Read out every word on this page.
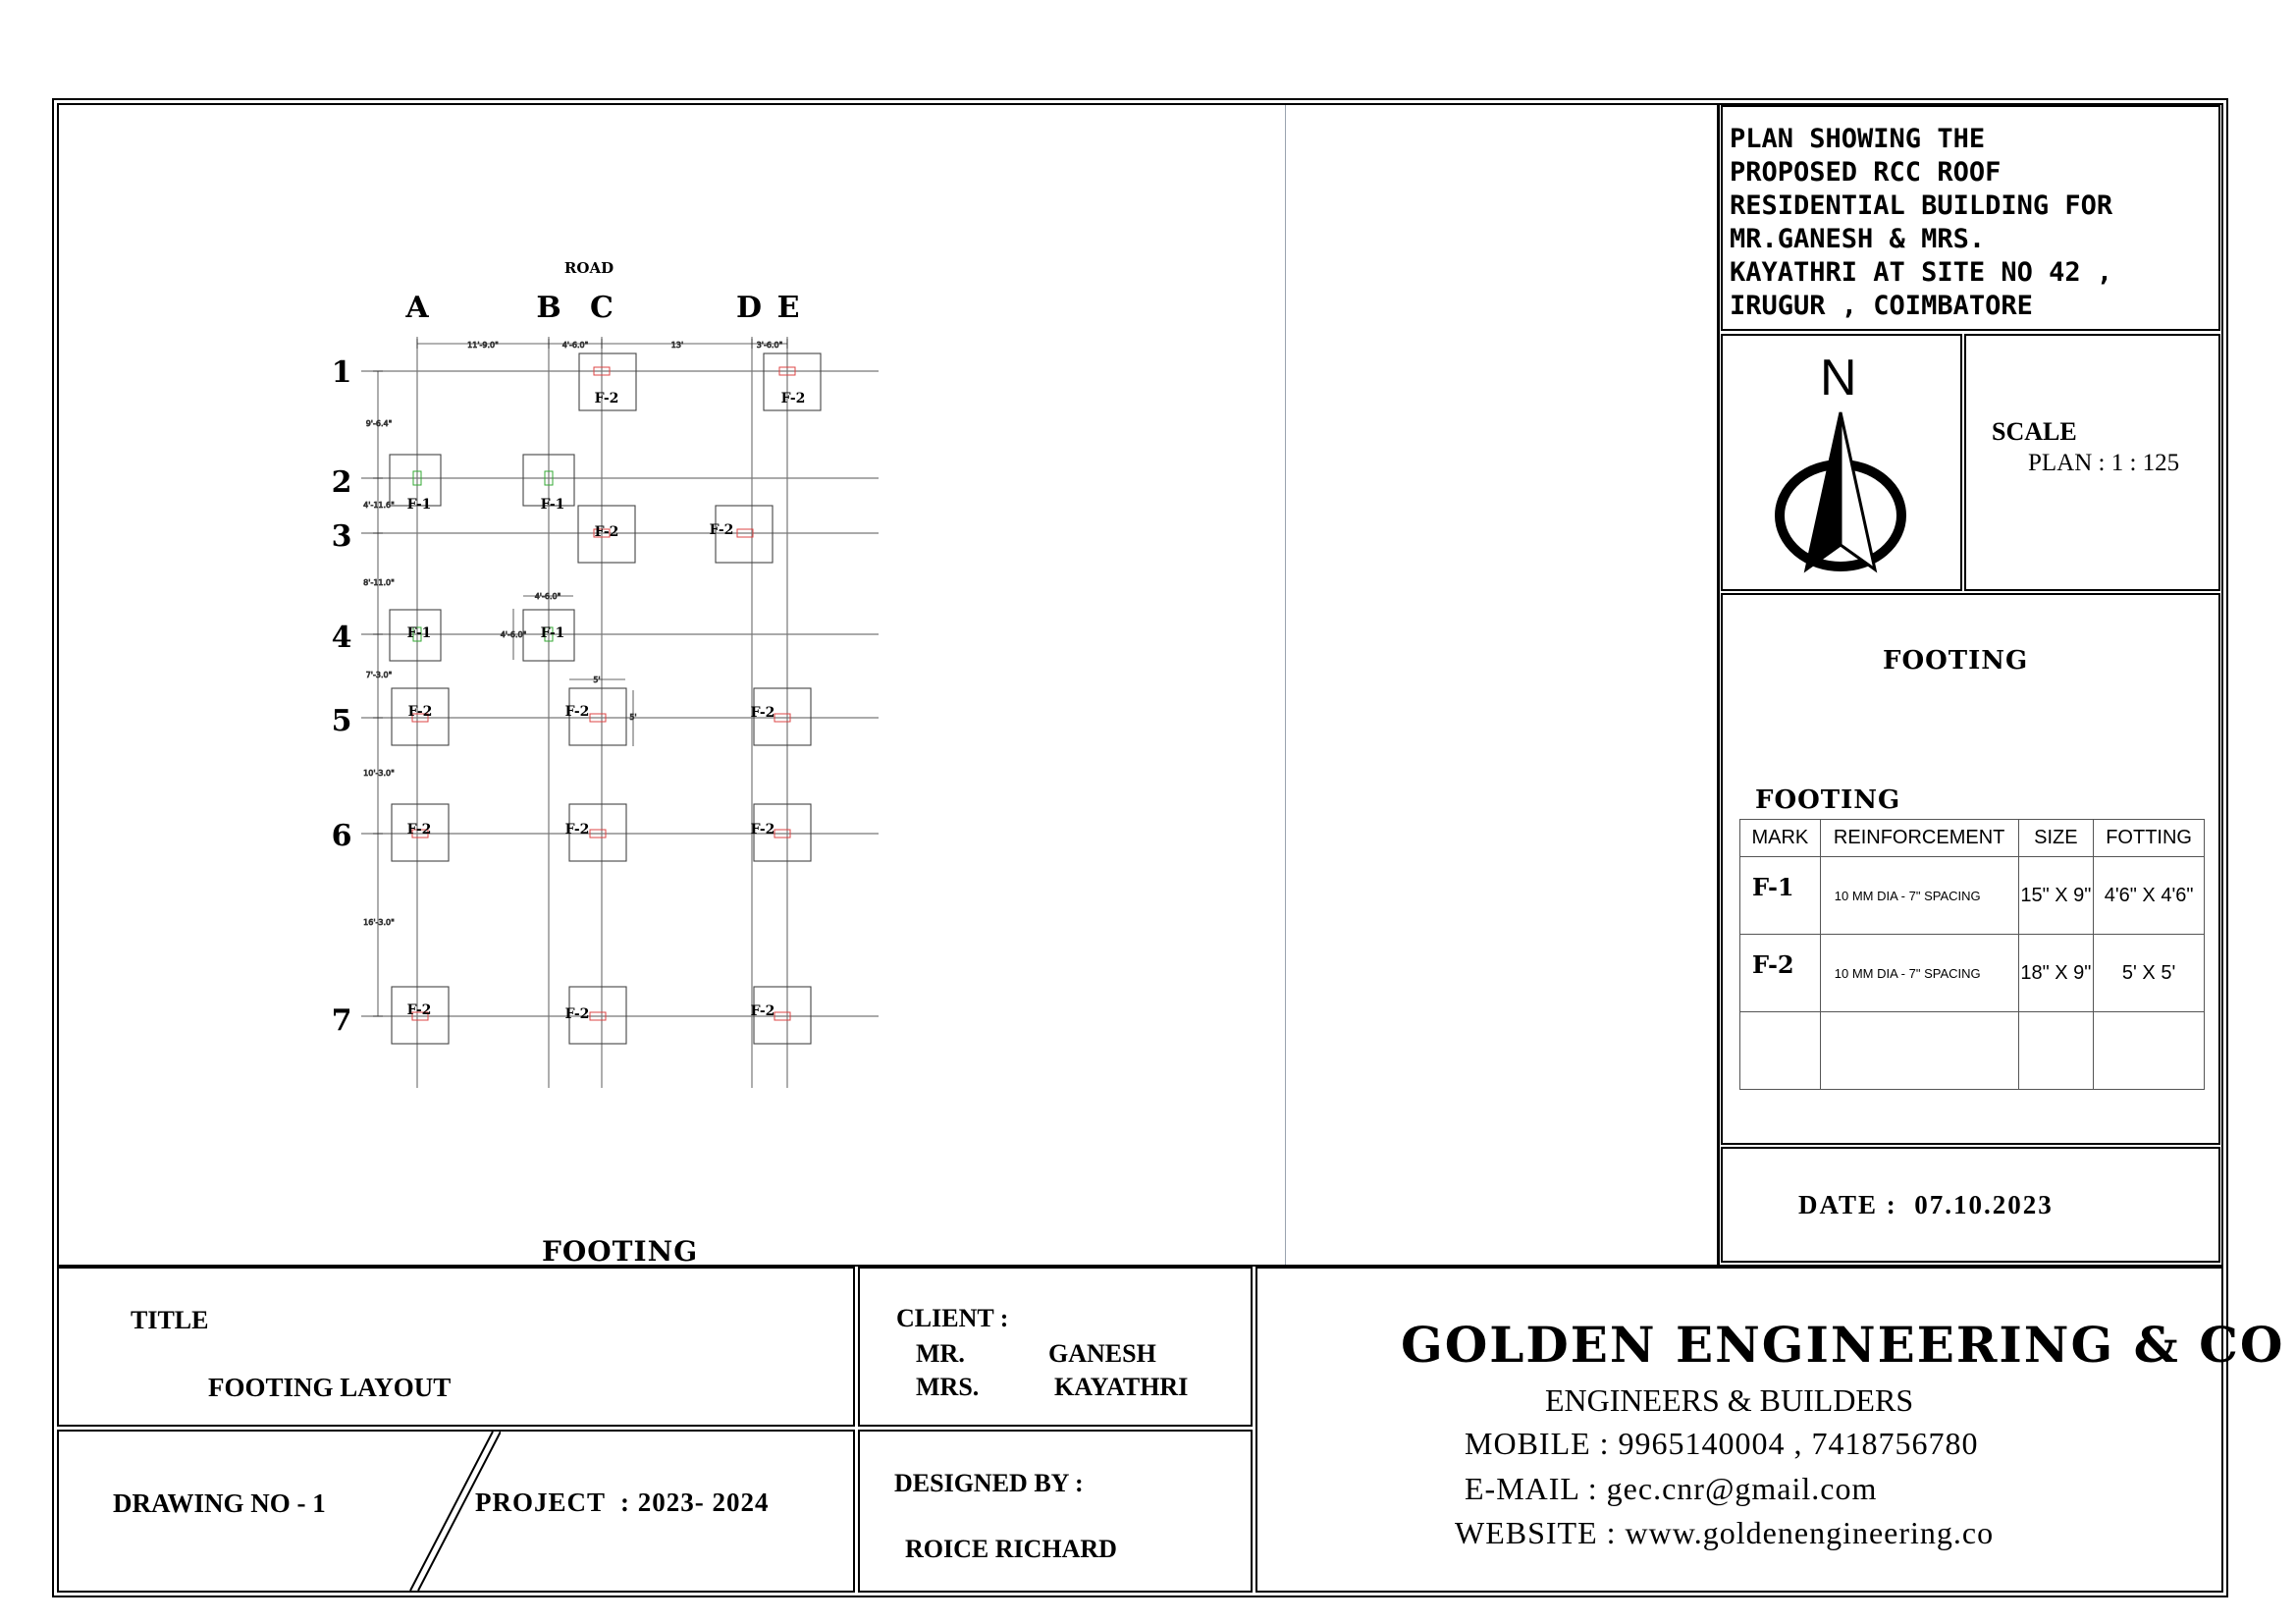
ROAD
A	B C	D E
1
2
3
4
5
6
7
11'-9.0"	4'-6.0"	13'	3'-6.0"
9'-6.4"
4'-11.6"
8'-11.0"
7'-3.0"
10'-3.0"
16'-3.0"
4'-6.0"
4'-6.0"
5'
5'
F-2	F-2
F-1	F-1
F-2	F-2
F-1	F-1
F-2	F-2	F-2
F-2	F-2	F-2
F-2	F-2	F-2
FOOTING
PLAN SHOWING THE
PROPOSED RCC ROOF
RESIDENTIAL BUILDING FOR
MR.GANESH & MRS.
KAYATHRI AT SITE NO 42 ,
IRUGUR , COIMBATORE
N
SCALE
PLAN : 1 : 125
FOOTING
FOOTING
MARK	REINFORCEMENT	SIZE	FOTTING
F-1	10 MM DIA - 7" SPACING	15" X 9"	4'6" X 4'6"
F-2	10 MM DIA - 7" SPACING	18" X 9"	5' X 5'

DATE :  07.10.2023
TITLE
FOOTING LAYOUT
DRAWING NO - 1	PROJECT  : 2023- 2024
CLIENT :
MR.	GANESH
MRS.	KAYATHRI
DESIGNED BY :
ROICE RICHARD
GOLDEN ENGINEERING & CO
ENGINEERS & BUILDERS
MOBILE : 9965140004 , 7418756780
E-MAIL : gec.cnr@gmail.com
WEBSITE : www.goldenengineering.co
